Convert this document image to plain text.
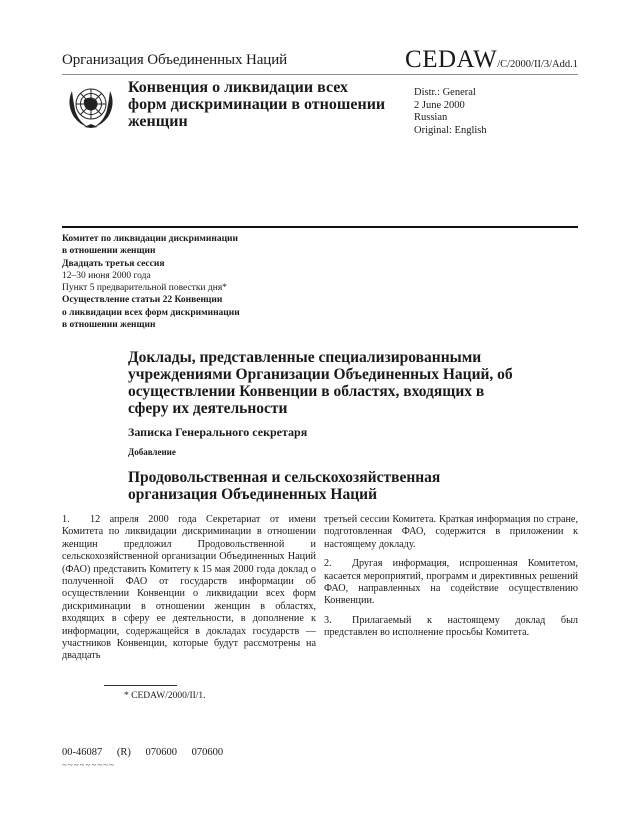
Организация Объединенных Наций	CEDAW/C/2000/II/3/Add.1
Конвенция о ликвидации всех форм дискриминации в отношении женщин
Distr.: General
2 June 2000
Russian
Original: English
Комитет по ликвидации дискриминации
в отношении женщин
Двадцать третья сессия
12–30 июня 2000 года
Пункт 5 предварительной повестки дня*
Осуществление статьи 22 Конвенции
о ликвидации всех форм дискриминации
в отношении женщин
Доклады, представленные специализированными учреждениями Организации Объединенных Наций, об осуществлении Конвенции в областях, входящих в сферу их деятельности
Записка Генерального секретаря
Добавление
Продовольственная и сельскохозяйственная организация Объединенных Наций

1. 12 апреля 2000 года Секретариат от имени Комитета по ликвидации дискриминации в отношении женщин предложил Продовольственной и сельскохозяйственной организации Объединенных Наций (ФАО) представить Комитету к 15 мая 2000 года доклад о полученной ФАО от государств информации об осуществлении Конвенции о ликвидации всех форм дискриминации в отношении женщин в областях, входящих в сферу ее деятельности, в дополнение к информации, содержащейся в докладах государств — участников Конвенции, которые будут рассмотрены на двадцать

третьей сессии Комитета. Краткая информация по стране, подготовленная ФАО, содержится в приложении к настоящему докладу.

2. Другая информация, испрошенная Комитетом, касается мероприятий, программ и директивных решений ФАО, направленных на содействие осуществлению Конвенции.

3. Прилагаемый к настоящему доклад был представлен во исполнение просьбы Комитета.

* CEDAW/2000/II/1.
00-46087 (R) 070600 070600
~~~~~~~~~
